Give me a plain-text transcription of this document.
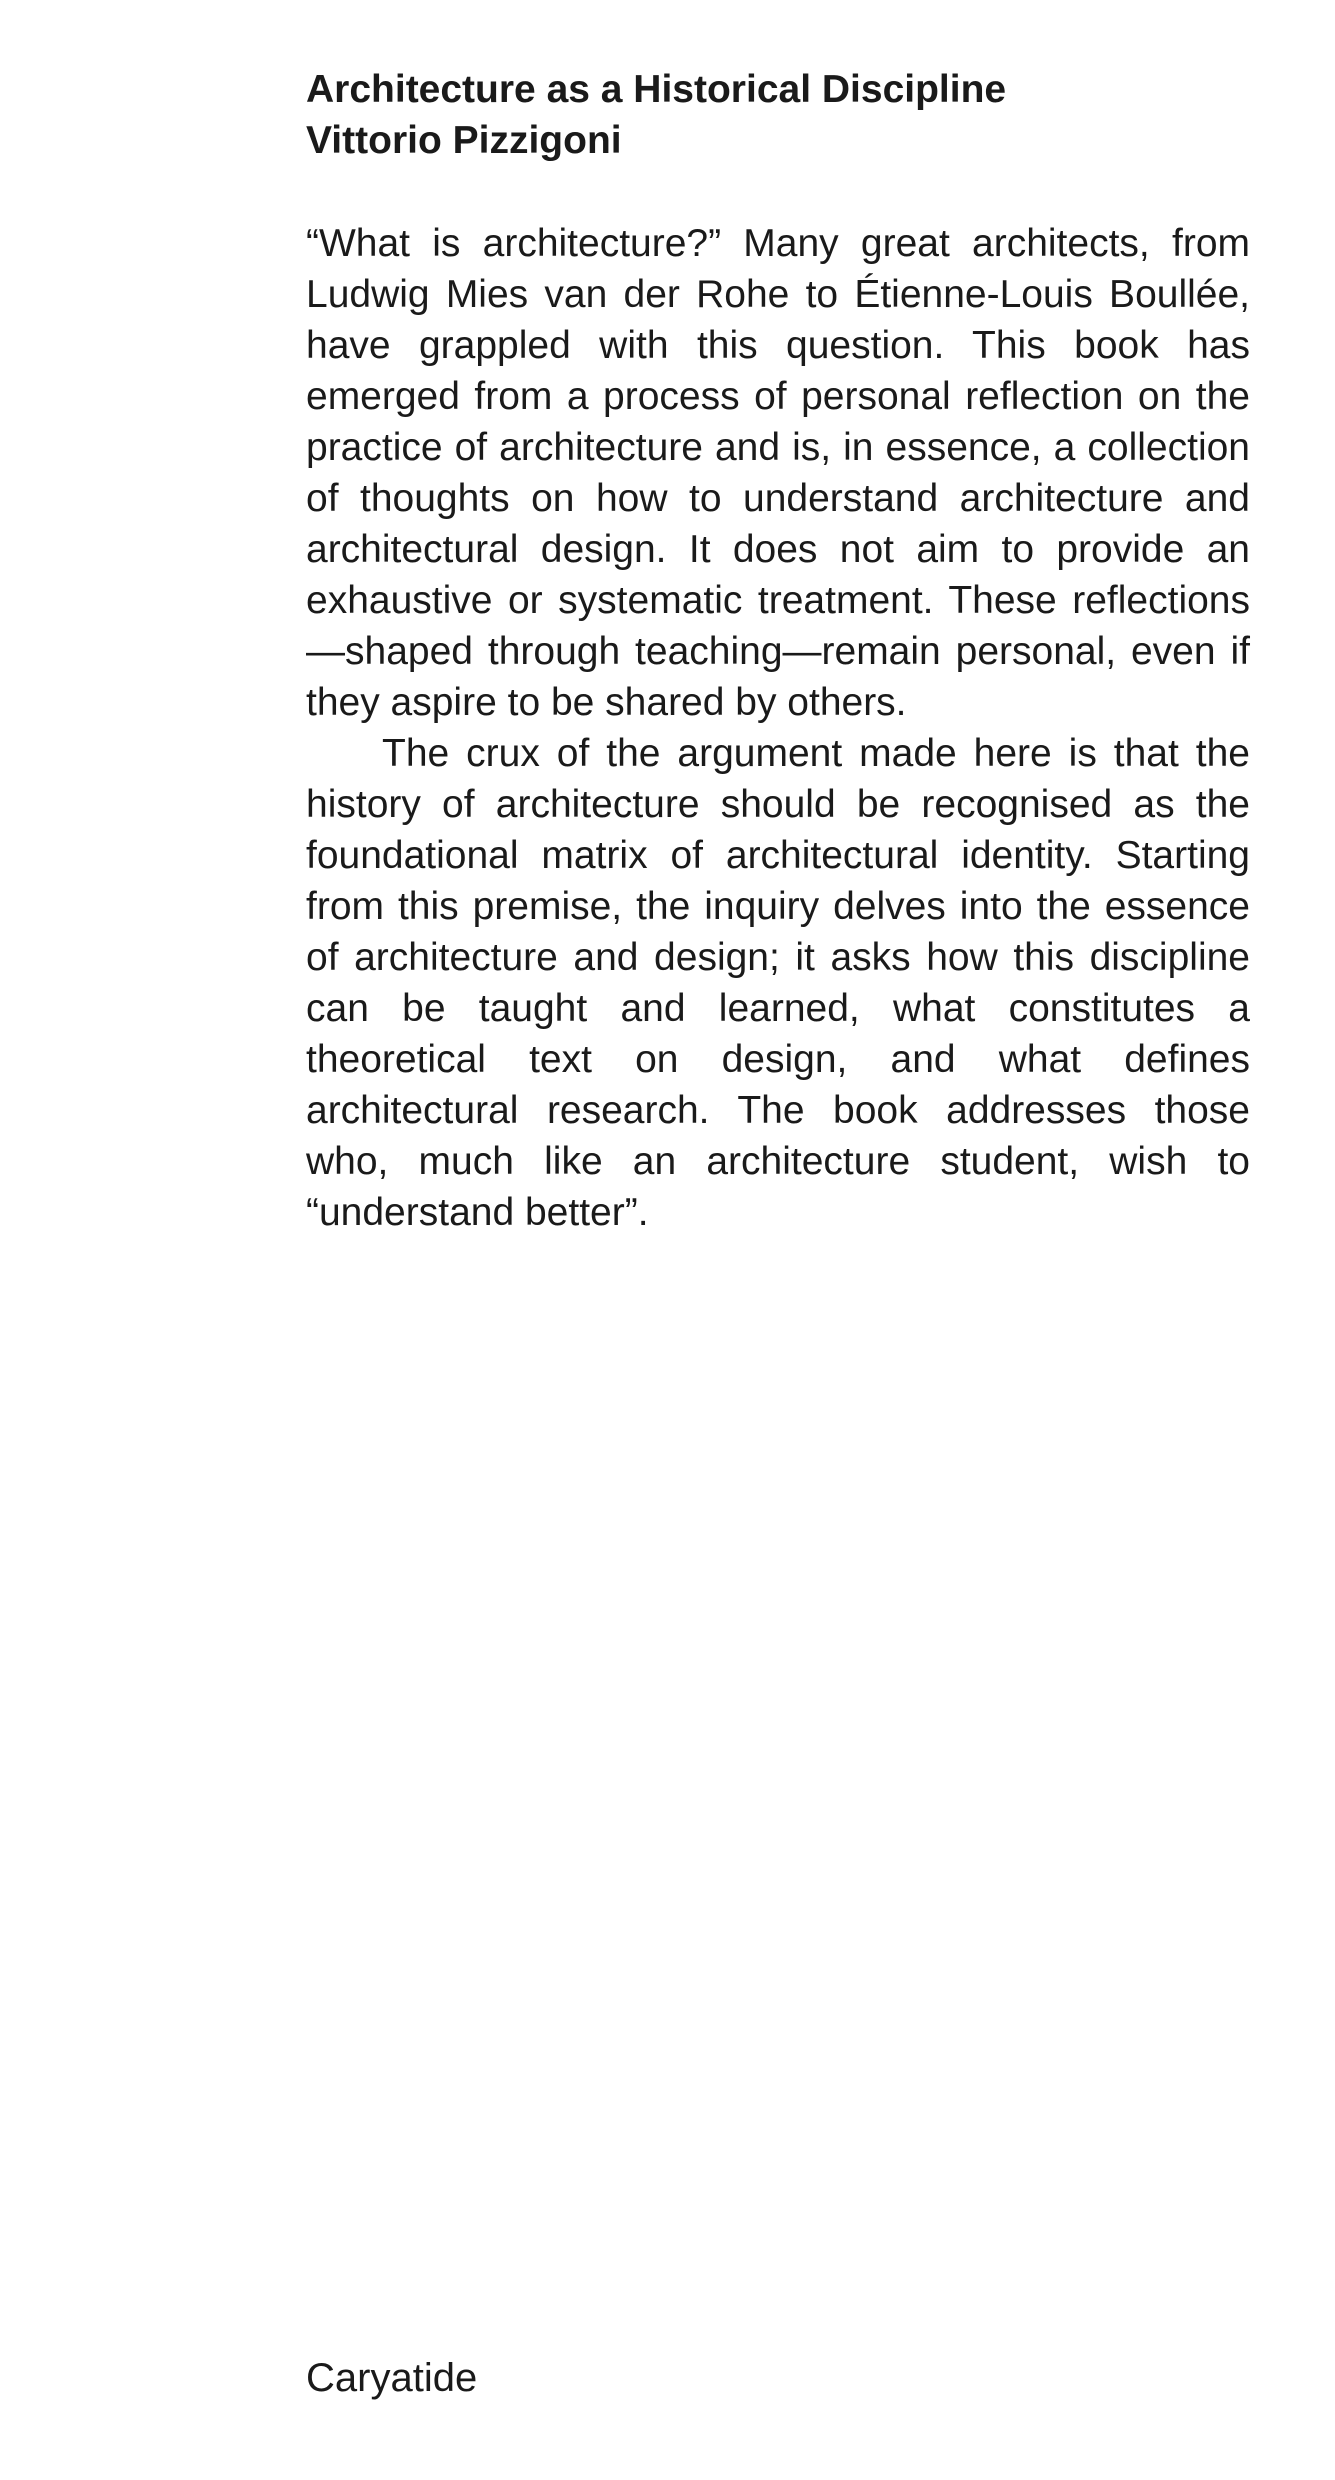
Architecture as a Historical Discipline
Vittorio Pizzigoni

“What is architecture?” Many great architects, from Ludwig Mies van der Rohe to Étienne-Louis Boullée, have grappled with this question. This book has emerged from a process of personal reflection on the practice of architecture and is, in essence, a collection of thoughts on how to understand architecture and architectural design. It does not aim to provide an exhaustive or systematic treatment. These reflections—shaped through teaching—remain personal, even if they aspire to be shared by others.

The crux of the argument made here is that the history of architecture should be recognised as the foundational matrix of architectural identity. Starting from this premise, the inquiry delves into the essence of architecture and design; it asks how this discipline can be taught and learned, what constitutes a theoretical text on design, and what defines architectural research. The book addresses those who, much like an architecture student, wish to “understand better”.

Caryatide
